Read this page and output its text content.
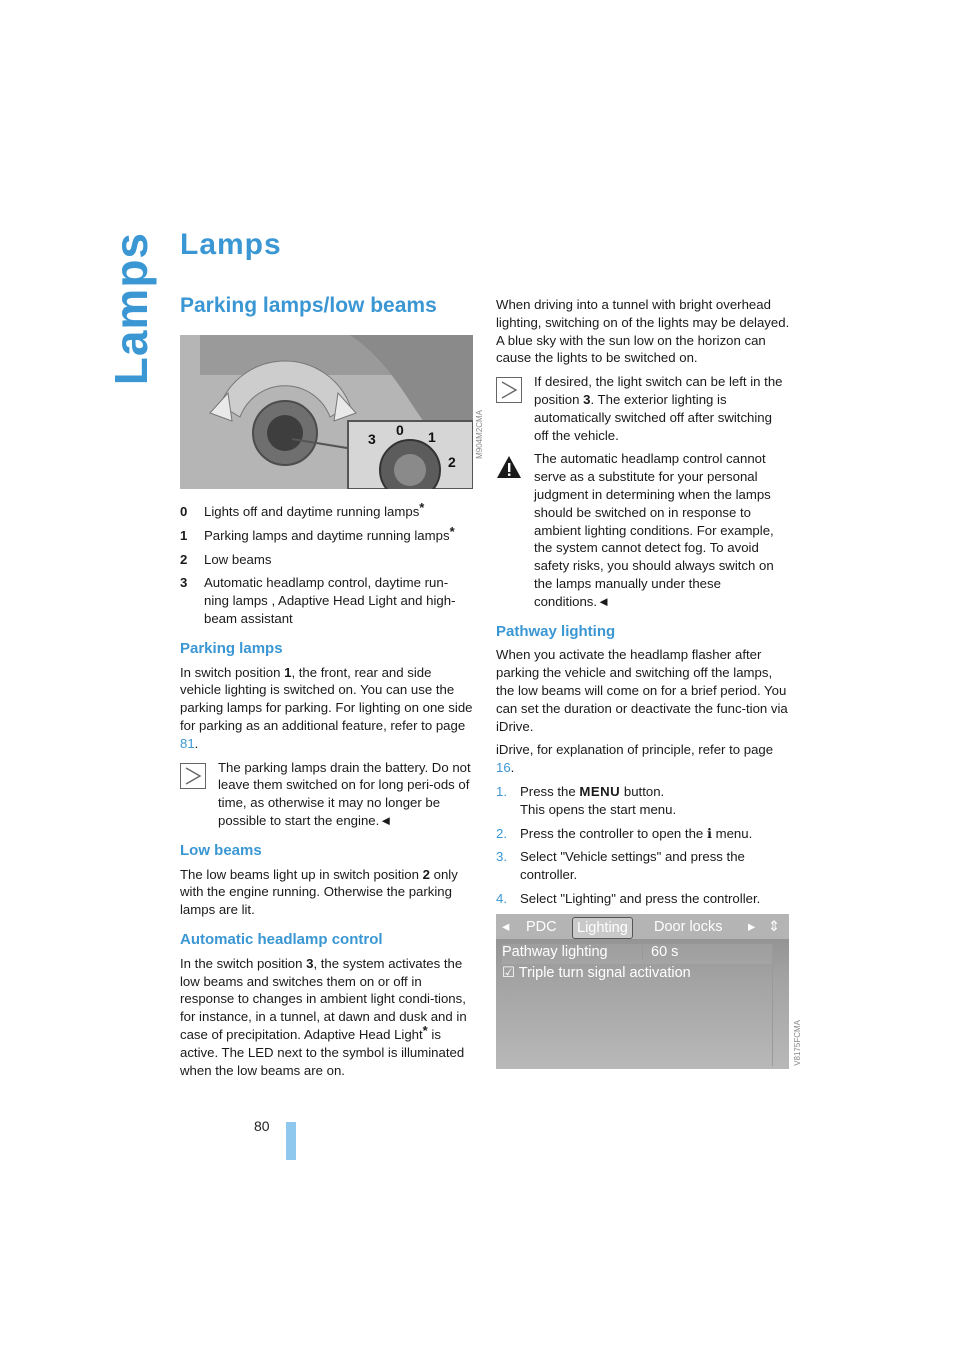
Lamps
80
Lamps
Parking lamps/low beams
3
0 1
2
M904M2CMA
0	Lights off and daytime running lamps*
1	Parking lamps and daytime running lamps*
2	Low beams
3	Automatic headlamp control, daytime run-ning lamps , Adaptive Head Light and high-beam assistant
Parking lamps

In switch position 1, the front, rear and side vehicle lighting is switched on. You can use the parking lamps for parking. For lighting on one side for parking as an additional feature, refer to page 81.

The parking lamps drain the battery. Do not leave them switched on for long peri-ods of time, as otherwise it may no longer be possible to start the engine.◄

Low beams

The low beams light up in switch position 2 only with the engine running. Otherwise the parking lamps are lit.

Automatic headlamp control

In the switch position 3, the system activates the low beams and switches them on or off in response to changes in ambient light condi-tions, for instance, in a tunnel, at dawn and dusk and in case of precipitation. Adaptive Head Light* is active. The LED next to the symbol is illuminated when the low beams are on.

When driving into a tunnel with bright overhead lighting, switching on of the lights may be delayed.

A blue sky with the sun low on the horizon can cause the lights to be switched on.

If desired, the light switch can be left in the position 3. The exterior lighting is automatically switched off after switching off the vehicle.

The automatic headlamp control cannot serve as a substitute for your personal judgment in determining when the lamps should be switched on in response to ambient lighting conditions. For example, the system cannot detect fog. To avoid safety risks, you should always switch on the lamps manually under these conditions.◄

Pathway lighting

When you activate the headlamp flasher after parking the vehicle and switching off the lamps, the low beams will come on for a brief period. You can set the duration or deactivate the func-tion via iDrive.

iDrive, for explanation of principle, refer to page 16.

1. Press the MENU button.
This opens the start menu.
2. Press the controller to open the ℹ menu.
3. Select "Vehicle settings" and press the controller.
4. Select "Lighting" and press the controller.
◂ PDC	Lighting	Door locks ▸ ⇕
Pathway lighting	60 s
☑ Triple turn signal activation
V8175FCMA
